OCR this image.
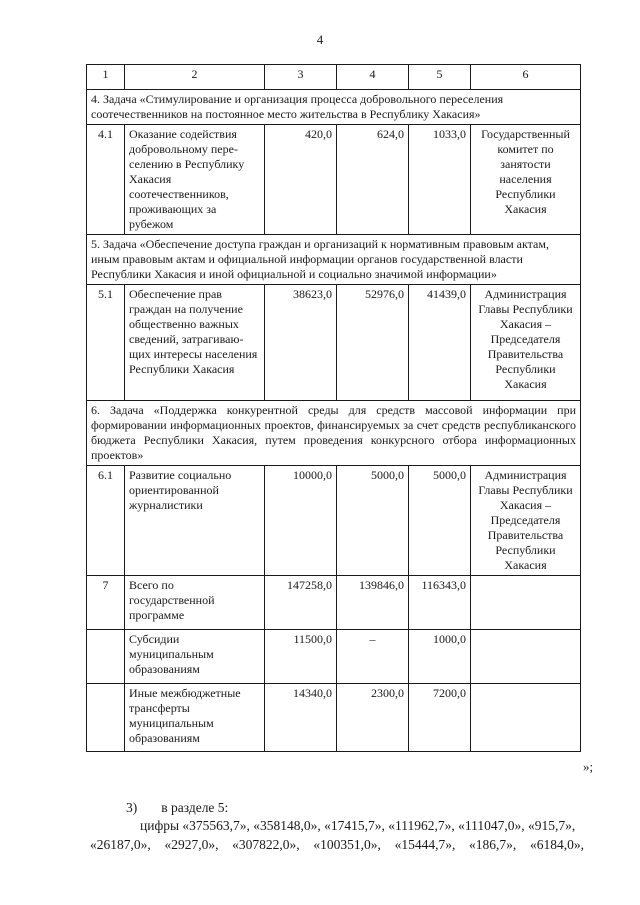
4
1	2	3	4	5	6
4. Задача «Стимулирование и организация процесса добровольного переселения соотечественников на постоянное место жительства в Республику Хакасия»					
4.1	Оказание содействия добровольному пере-селению в Республику Хакасия соотечественников, проживающих за рубежом	420,0	624,0	1033,0	Государственный комитет по занятости населения Республики Хакасия
5. Задача «Обеспечение доступа граждан и организаций к нормативным правовым актам, иным правовым актам и официальной информации органов государственной власти Республики Хакасия и иной официальной и социально значимой информации»					
5.1	Обеспечение прав граждан на получение общественно важных сведений, затрагиваю-щих интересы населения Республики Хакасия	38623,0	52976,0	41439,0	Администрация Главы Республики Хакасия – Председателя Правительства Республики Хакасия
6. Задача «Поддержка конкурентной среды для средств массовой информации при формировании информационных проектов, финансируемых за счет средств республиканского бюджета Республики Хакасия, путем проведения конкурсного отбора информационных проектов»					
6.1	Развитие социально ориентированной журналистики	10000,0	5000,0	5000,0	Администрация Главы Республики Хакасия – Председателя Правительства Республики Хакасия
7	Всего по государственной программе	147258,0	139846,0	116343,0	
	Субсидии муниципальным образованиям	11500,0	–	1000,0	
	Иные межбюджетные трансферты муниципальным образованиям	14340,0	2300,0	7200,0	
»;
3) в разделе 5:
цифры «375563,7», «358148,0», «17415,7», «111962,7», «111047,0», «915,7»,
«26187,0», «2927,0», «307822,0», «100351,0», «15444,7», «186,7», «6184,0»,
